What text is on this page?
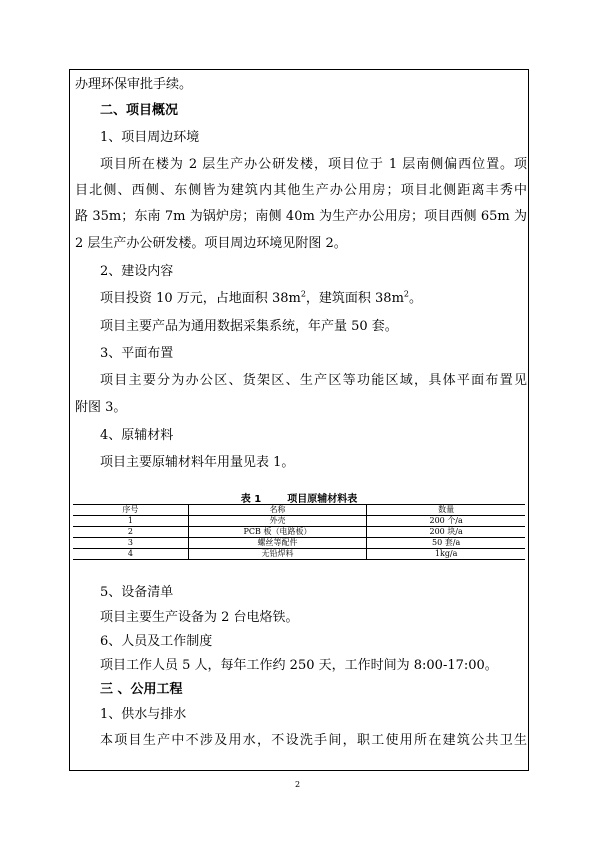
办理环保审批手续。
二、项目概况
1、项目周边环境
项目所在楼为 2 层生产办公研发楼，项目位于 1 层南侧偏西位置。项
目北侧、西侧、东侧皆为建筑内其他生产办公用房；项目北侧距离丰秀中
路 35m；东南 7m 为锅炉房；南侧 40m 为生产办公用房；项目西侧 65m 为
2 层生产办公研发楼。项目周边环境见附图 2。
2、建设内容
项目投资 10 万元，占地面积 $38m^2$，建筑面积 $38m^2$。
项目主要产品为通用数据采集系统，年产量 50 套。
3、平面布置
项目主要分为办公区、货架区、生产区等功能区域，具体平面布置见
附图 3。
4、原辅材料
项目主要原辅材料年用量见表 1。
表 1	项目原辅材料表
序号	名称	数量
1	外壳	200 个/a
2	PCB 板（电路板）	200 块/a
3	螺丝等配件	50 套/a
4	无铅焊料	1kg/a
5、设备清单
项目主要生产设备为 2 台电烙铁。
6、人员及工作制度
项目工作人员 5 人，每年工作约 250 天，工作时间为 8:00-17:00。
三 、公用工程
1、供水与排水
本项目生产中不涉及用水，不设洗手间，职工使用所在建筑公共卫生
2
